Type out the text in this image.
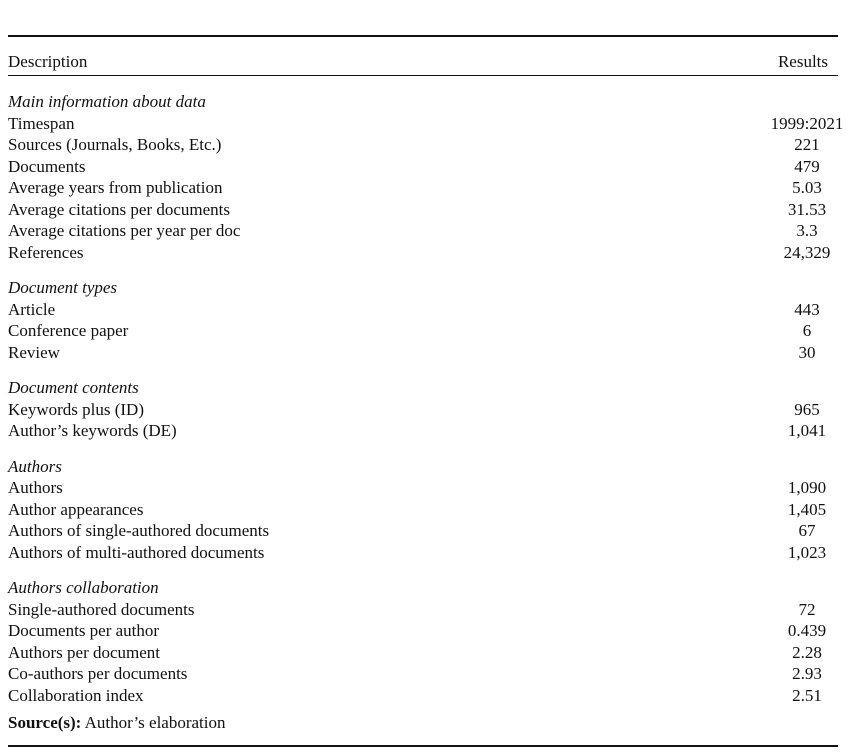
Description	Results
Main information about data
Timespan	1999:2021
Sources (Journals, Books, Etc.)	221
Documents	479
Average years from publication	5.03
Average citations per documents	31.53
Average citations per year per doc	3.3
References	24,329
Document types
Article	443
Conference paper	6
Review	30
Document contents
Keywords plus (ID)	965
Author’s keywords (DE)	1,041
Authors
Authors	1,090
Author appearances	1,405
Authors of single-authored documents	67
Authors of multi-authored documents	1,023
Authors collaboration
Single-authored documents	72
Documents per author	0.439
Authors per document	2.28
Co-authors per documents	2.93
Collaboration index	2.51
Source(s): Author’s elaboration
